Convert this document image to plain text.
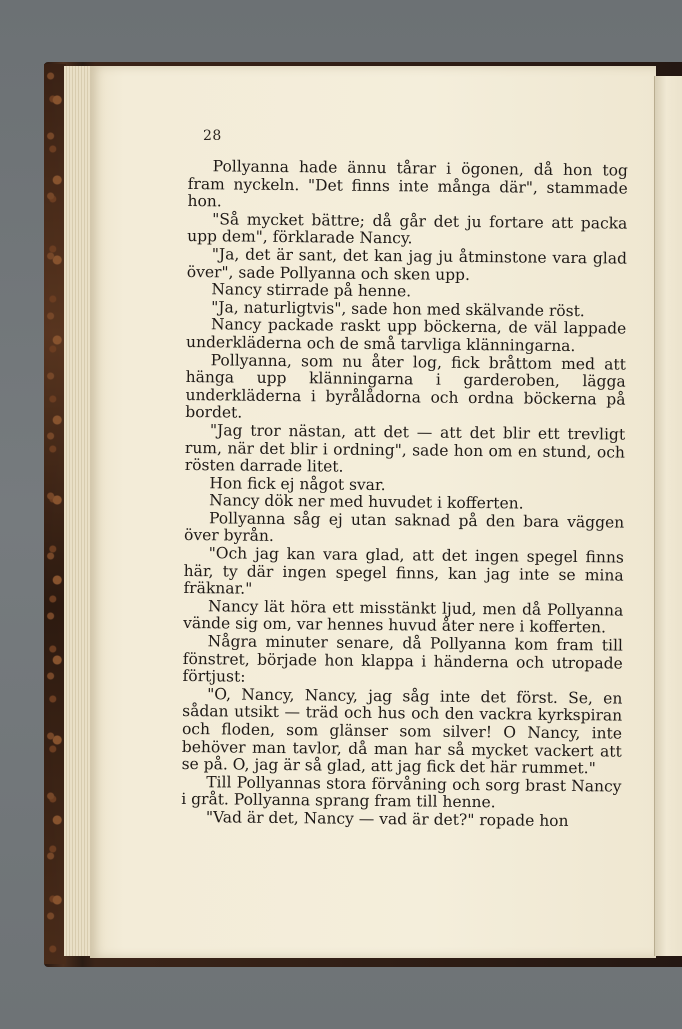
28

Pollyanna hade ännu tårar i ögonen, då hon tog fram nyckeln. "Det finns inte många där", stammade hon.

"Så mycket bättre; då går det ju fortare att packa upp dem", förklarade Nancy.

"Ja, det är sant, det kan jag ju åtminstone vara glad över", sade Pollyanna och sken upp.

Nancy stirrade på henne.

"Ja, naturligtvis", sade hon med skälvande röst.

Nancy packade raskt upp böckerna, de väl lappade underkläderna och de små tarvliga klänningarna.

Pollyanna, som nu åter log, fick bråttom med att hänga upp klänningarna i garderoben, lägga underkläderna i byrålådorna och ordna böckerna på bordet.

"Jag tror nästan, att det — att det blir ett trevligt rum, när det blir i ordning", sade hon om en stund, och rösten darrade litet.

Hon fick ej något svar.

Nancy dök ner med huvudet i kofferten.

Pollyanna såg ej utan saknad på den bara väggen över byrån.

"Och jag kan vara glad, att det ingen spegel finns här, ty där ingen spegel finns, kan jag inte se mina fräknar."

Nancy lät höra ett misstänkt ljud, men då Pollyanna vände sig om, var hennes huvud åter nere i kofferten.

Några minuter senare, då Pollyanna kom fram till fönstret, började hon klappa i händerna och utropade förtjust:

"O, Nancy, Nancy, jag såg inte det först. Se, en sådan utsikt — träd och hus och den vackra kyrkspiran och floden, som glänser som silver! O Nancy, inte behöver man tavlor, då man har så mycket vackert att se på. O, jag är så glad, att jag fick det här rummet."

Till Pollyannas stora förvåning och sorg brast Nancy i gråt. Pollyanna sprang fram till henne.

"Vad är det, Nancy — vad är det?" ropade hon
